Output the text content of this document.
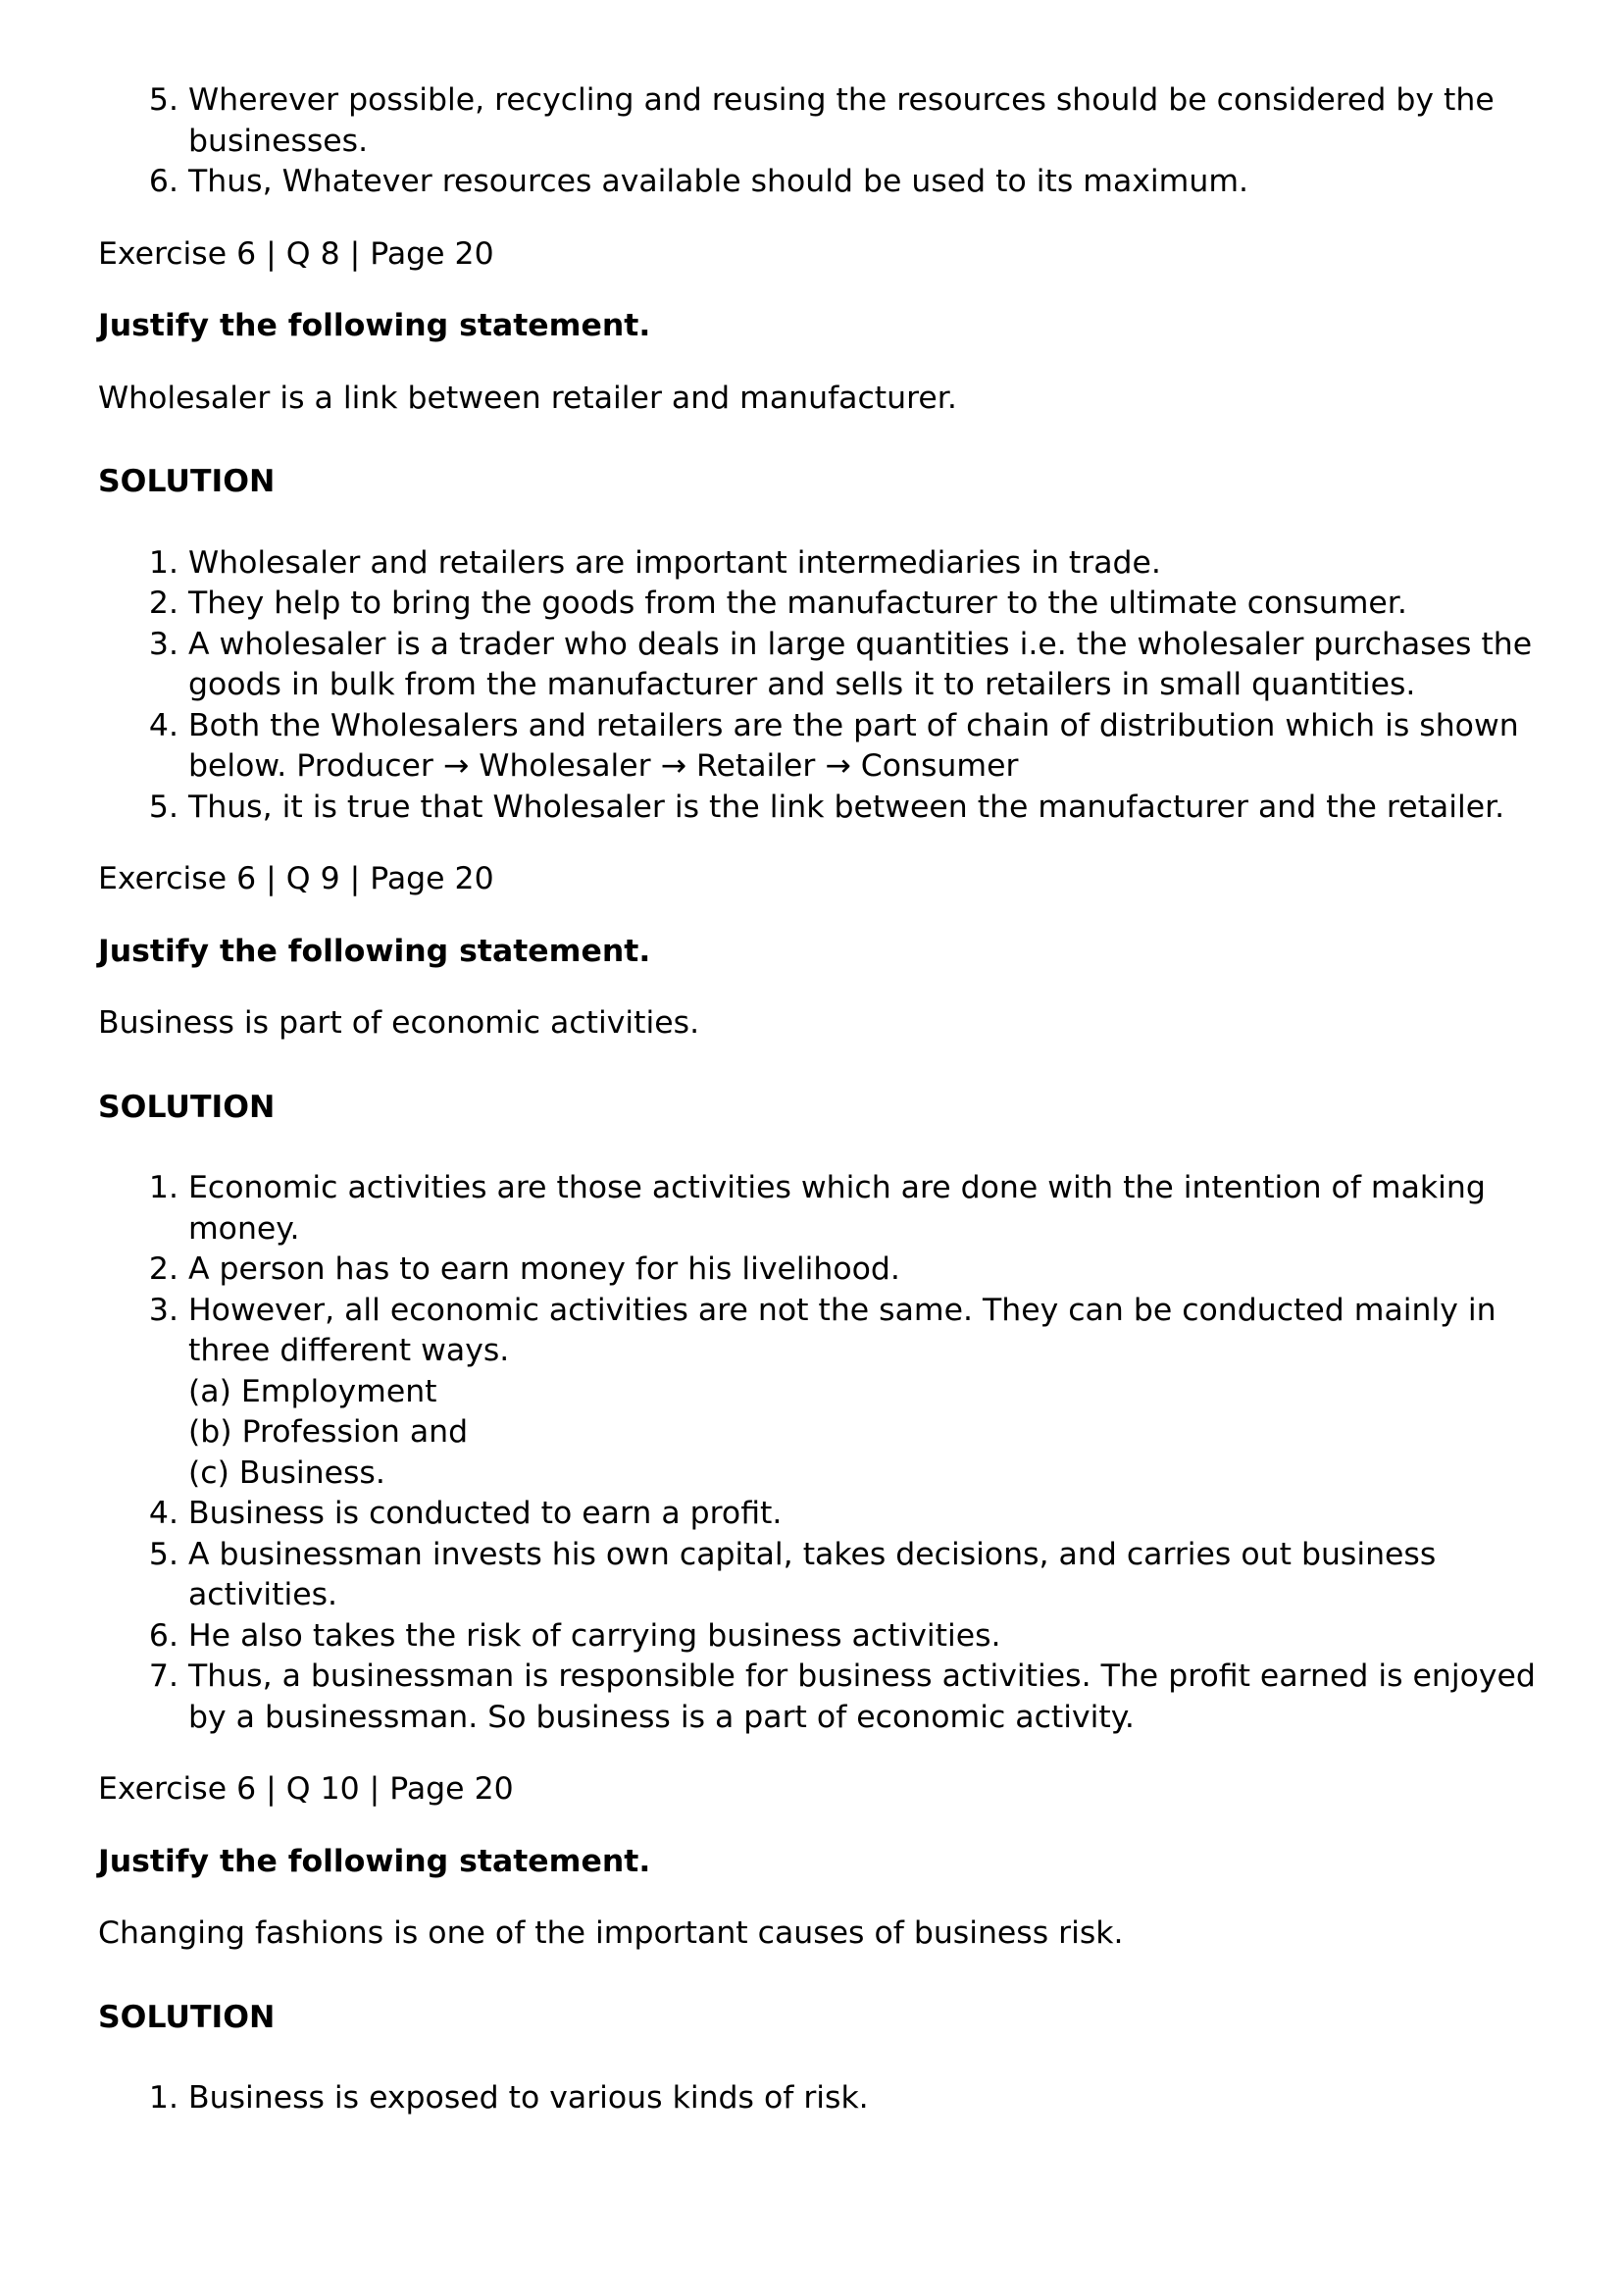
5. Wherever possible, recycling and reusing the resources should be considered by the businesses.
6. Thus, Whatever resources available should be used to its maximum.

Exercise 6 | Q 8 | Page 20

Justify the following statement.

Wholesaler is a link between retailer and manufacturer.

SOLUTION

1. Wholesaler and retailers are important intermediaries in trade.
2. They help to bring the goods from the manufacturer to the ultimate consumer.
3. A wholesaler is a trader who deals in large quantities i.e. the wholesaler purchases the goods in bulk from the manufacturer and sells it to retailers in small quantities.
4. Both the Wholesalers and retailers are the part of chain of distribution which is shown below. Producer → Wholesaler → Retailer → Consumer
5. Thus, it is true that Wholesaler is the link between the manufacturer and the retailer.

Exercise 6 | Q 9 | Page 20

Justify the following statement.

Business is part of economic activities.

SOLUTION

1. Economic activities are those activities which are done with the intention of making money.
2. A person has to earn money for his livelihood.
3. However, all economic activities are not the same. They can be conducted mainly in three different ways.
(a) Employment
(b) Profession and
(c) Business.
4. Business is conducted to earn a profit.
5. A businessman invests his own capital, takes decisions, and carries out business activities.
6. He also takes the risk of carrying business activities.
7. Thus, a businessman is responsible for business activities. The profit earned is enjoyed by a businessman. So business is a part of economic activity.

Exercise 6 | Q 10 | Page 20

Justify the following statement.

Changing fashions is one of the important causes of business risk.

SOLUTION

1. Business is exposed to various kinds of risk.
